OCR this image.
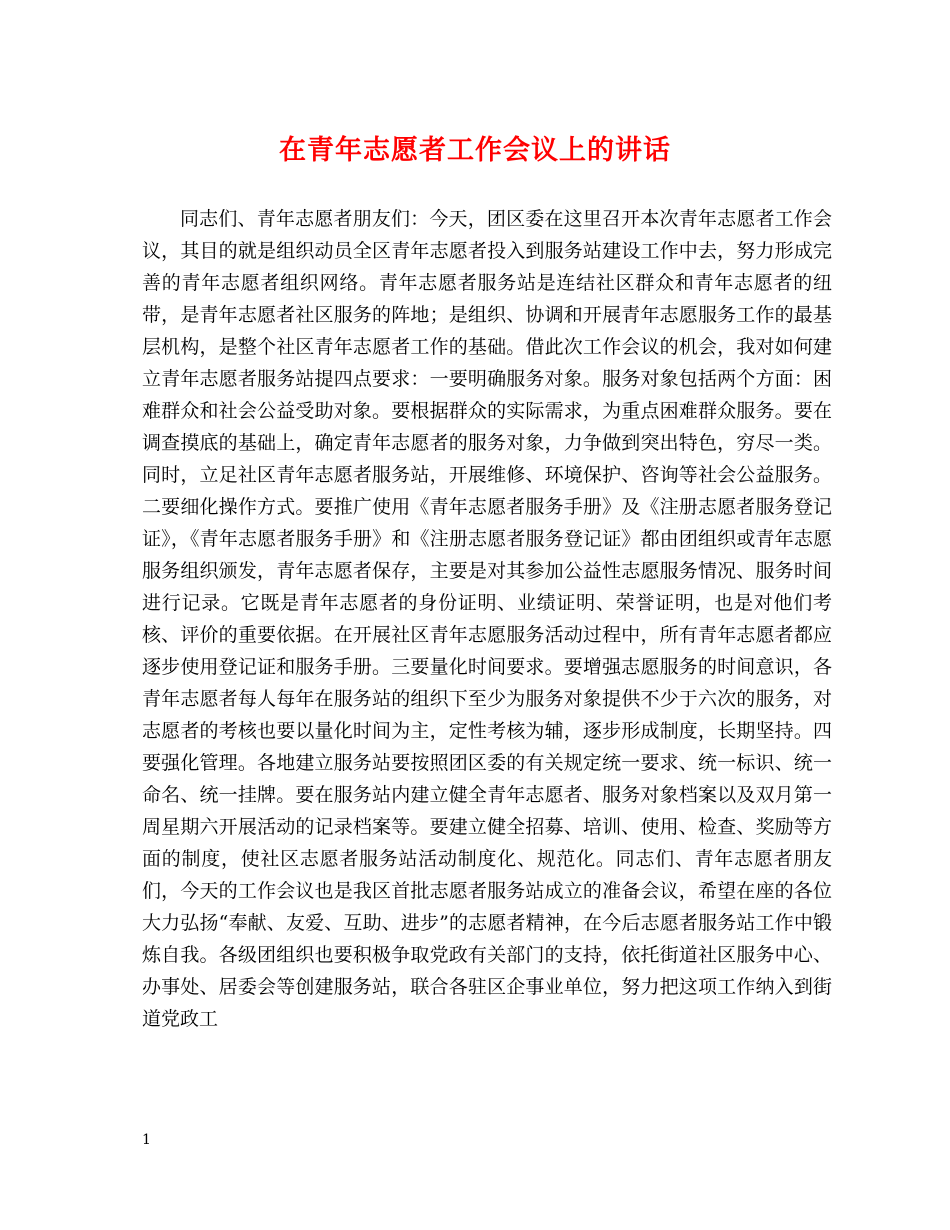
在青年志愿者工作会议上的讲话

同志们、青年志愿者朋友们：今天，团区委在这里召开本次青年志愿者工作会议，其目的就是组织动员全区青年志愿者投入到服务站建设工作中去，努力形成完善的青年志愿者组织网络。青年志愿者服务站是连结社区群众和青年志愿者的纽带，是青年志愿者社区服务的阵地；是组织、协调和开展青年志愿服务工作的最基层机构，是整个社区青年志愿者工作的基础。借此次工作会议的机会，我对如何建立青年志愿者服务站提四点要求：一要明确服务对象。服务对象包括两个方面：困难群众和社会公益受助对象。要根据群众的实际需求，为重点困难群众服务。要在调查摸底的基础上，确定青年志愿者的服务对象，力争做到突出特色，穷尽一类。同时，立足社区青年志愿者服务站，开展维修、环境保护、咨询等社会公益服务。二要细化操作方式。要推广使用《青年志愿者服务手册》及《注册志愿者服务登记证》，《青年志愿者服务手册》和《注册志愿者服务登记证》都由团组织或青年志愿服务组织颁发，青年志愿者保存，主要是对其参加公益性志愿服务情况、服务时间进行记录。它既是青年志愿者的身份证明、业绩证明、荣誉证明，也是对他们考核、评价的重要依据。在开展社区青年志愿服务活动过程中，所有青年志愿者都应逐步使用登记证和服务手册。三要量化时间要求。要增强志愿服务的时间意识，各青年志愿者每人每年在服务站的组织下至少为服务对象提供不少于六次的服务，对志愿者的考核也要以量化时间为主，定性考核为辅，逐步形成制度，长期坚持。四要强化管理。各地建立服务站要按照团区委的有关规定统一要求、统一标识、统一命名、统一挂牌。要在服务站内建立健全青年志愿者、服务对象档案以及双月第一周星期六开展活动的记录档案等。要建立健全招募、培训、使用、检查、奖励等方面的制度，使社区志愿者服务站活动制度化、规范化。同志们、青年志愿者朋友们，今天的工作会议也是我区首批志愿者服务站成立的准备会议，希望在座的各位大力弘扬“奉献、友爱、互助、进步”的志愿者精神，在今后志愿者服务站工作中锻炼自我。各级团组织也要积极争取党政有关部门的支持，依托街道社区服务中心、办事处、居委会等创建服务站，联合各驻区企事业单位，努力把这项工作纳入到街道党政工

1
